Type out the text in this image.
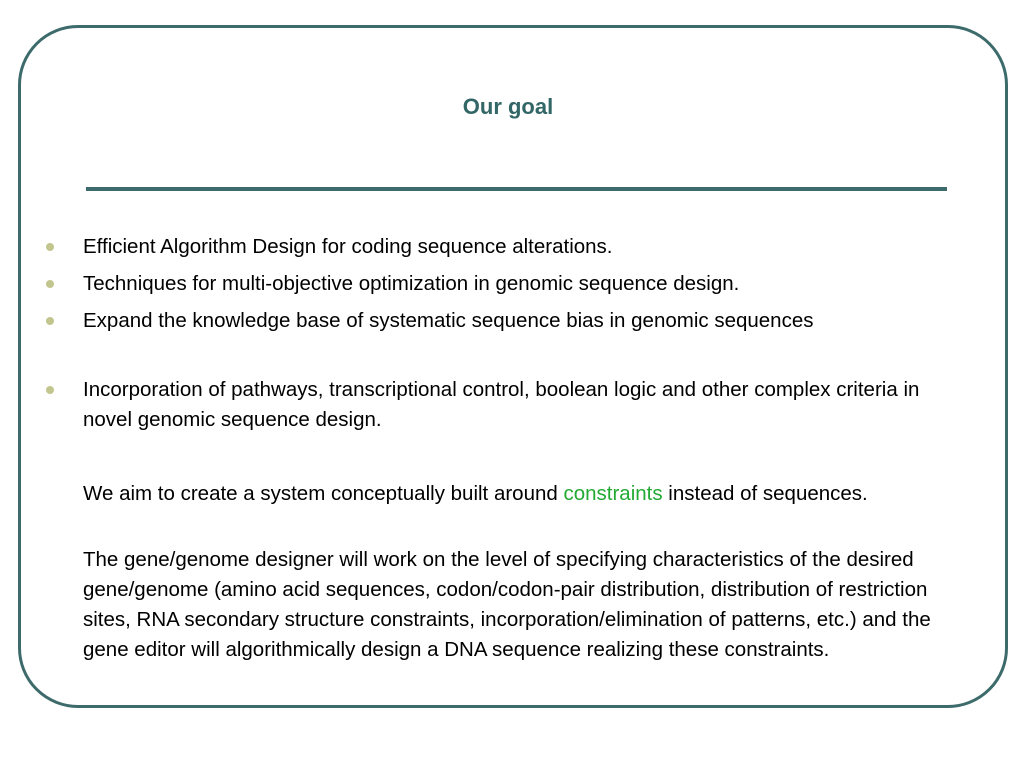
Our goal
Efficient Algorithm Design for coding sequence alterations.
Techniques for multi-objective optimization in genomic sequence design.
Expand the knowledge base of systematic sequence bias in genomic sequences
Incorporation of pathways, transcriptional control, boolean logic and other complex criteria in novel genomic sequence design.
We aim to create a system conceptually built around constraints instead of sequences.
The gene/genome designer will work on the level of specifying characteristics of the desired gene/genome (amino acid sequences, codon/codon-pair distribution, distribution of restriction sites, RNA secondary structure constraints, incorporation/elimination of patterns, etc.) and the gene editor will algorithmically design a DNA sequence realizing these constraints.
